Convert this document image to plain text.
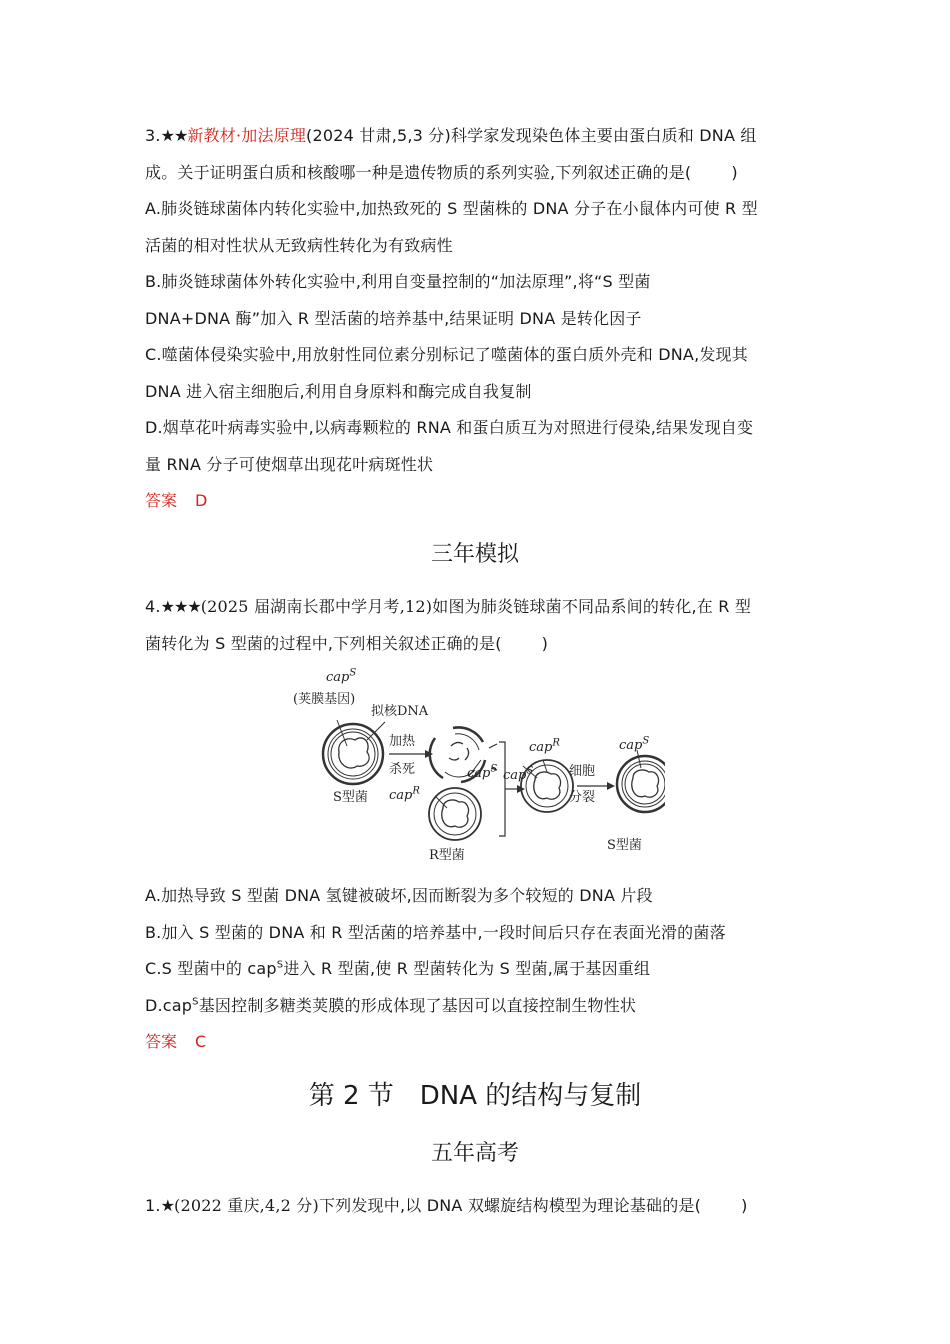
3.★★新教材·加法原理(2024 甘肃,5,3 分)科学家发现染色体主要由蛋白质和 DNA 组
成。关于证明蛋白质和核酸哪一种是遗传物质的系列实验,下列叙述正确的是(	)
A.肺炎链球菌体内转化实验中,加热致死的 S 型菌株的 DNA 分子在小鼠体内可使 R 型
活菌的相对性状从无致病性转化为有致病性
B.肺炎链球菌体外转化实验中,利用自变量控制的“加法原理”,将“S 型菌
DNA+DNA 酶”加入 R 型活菌的培养基中,结果证明 DNA 是转化因子
C.噬菌体侵染实验中,用放射性同位素分别标记了噬菌体的蛋白质外壳和 DNA,发现其
DNA 进入宿主细胞后,利用自身原料和酶完成自我复制
D.烟草花叶病毒实验中,以病毒颗粒的 RNA 和蛋白质互为对照进行侵染,结果发现自变
量 RNA 分子可使烟草出现花叶病斑性状
答案 D
三年模拟
4.★★★(2025 届湖南长郡中学月考,12)如图为肺炎链球菌不同品系间的转化,在 R 型
菌转化为 S 型菌的过程中,下列相关叙述正确的是(	)
cap$^S$
(荚膜基因)
拟核DNA
加热
杀死
S型菌
cap$^S$
cap$^R$
R型菌
cap$^S$
cap$^R$
细胞
分裂
cap$^S$
S型菌
A.加热导致 S 型菌 DNA 氢键被破坏,因而断裂为多个较短的 DNA 片段
B.加入 S 型菌的 DNA 和 R 型活菌的培养基中,一段时间后只存在表面光滑的菌落
C.S 型菌中的 cap$^S$进入 R 型菌,使 R 型菌转化为 S 型菌,属于基因重组
D.cap$^S$基因控制多糖类荚膜的形成体现了基因可以直接控制生物性状
答案 C
第 2 节　DNA 的结构与复制
五年高考
1.★(2022 重庆,4,2 分)下列发现中,以 DNA 双螺旋结构模型为理论基础的是(	)
